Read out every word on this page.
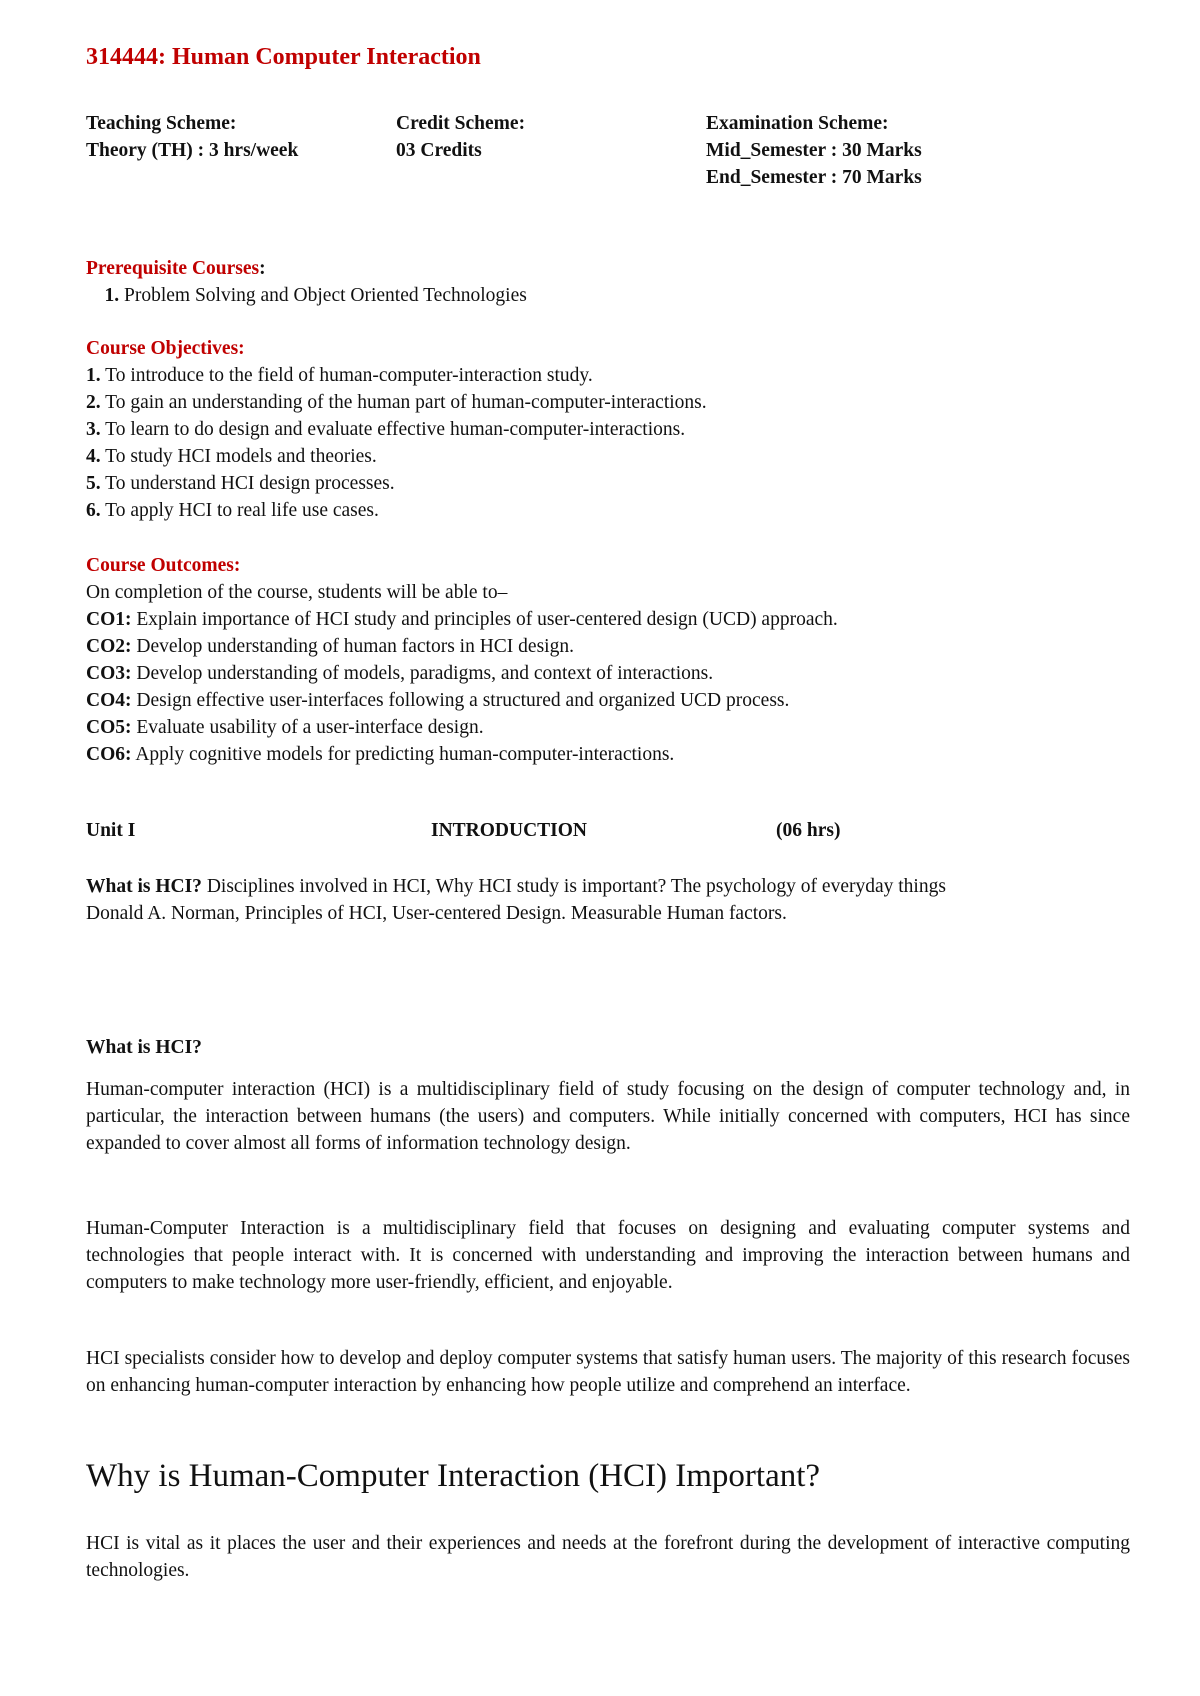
314444: Human Computer Interaction
Teaching Scheme:
Theory (TH) : 3 hrs/week
Credit Scheme:
03 Credits
Examination Scheme:
Mid_Semester : 30 Marks
End_Semester : 70 Marks

Prerequisite Courses:

1. Problem Solving and Object Oriented Technologies

Course Objectives:

1. To introduce to the field of human-computer-interaction study.

2. To gain an understanding of the human part of human-computer-interactions.

3. To learn to do design and evaluate effective human-computer-interactions.

4. To study HCI models and theories.

5. To understand HCI design processes.

6. To apply HCI to real life use cases.

Course Outcomes:

On completion of the course, students will be able to–

CO1: Explain importance of HCI study and principles of user-centered design (UCD) approach.

CO2: Develop understanding of human factors in HCI design.

CO3: Develop understanding of models, paradigms, and context of interactions.

CO4: Design effective user-interfaces following a structured and organized UCD process.

CO5: Evaluate usability of a user-interface design.

CO6: Apply cognitive models for predicting human-computer-interactions.

Unit I	INTRODUCTION	(06 hrs)

What is HCI? Disciplines involved in HCI, Why HCI study is important? The psychology of everyday things

Donald A. Norman, Principles of HCI, User-centered Design. Measurable Human factors.

What is HCI?

Human-computer interaction (HCI) is a multidisciplinary field of study focusing on the design of computer technology and, in particular, the interaction between humans (the users) and computers. While initially concerned with computers, HCI has since expanded to cover almost all forms of information technology design.
Human-Computer Interaction is a multidisciplinary field that focuses on designing and evaluating computer systems and technologies that people interact with. It is concerned with understanding and improving the interaction between humans and computers to make technology more user-friendly, efficient, and enjoyable.
HCI specialists consider how to develop and deploy computer systems that satisfy human users. The majority of this research focuses on enhancing human-computer interaction by enhancing how people utilize and comprehend an interface.
Why is Human-Computer Interaction (HCI) Important?
HCI is vital as it places the user and their experiences and needs at the forefront during the development of interactive computing technologies.
